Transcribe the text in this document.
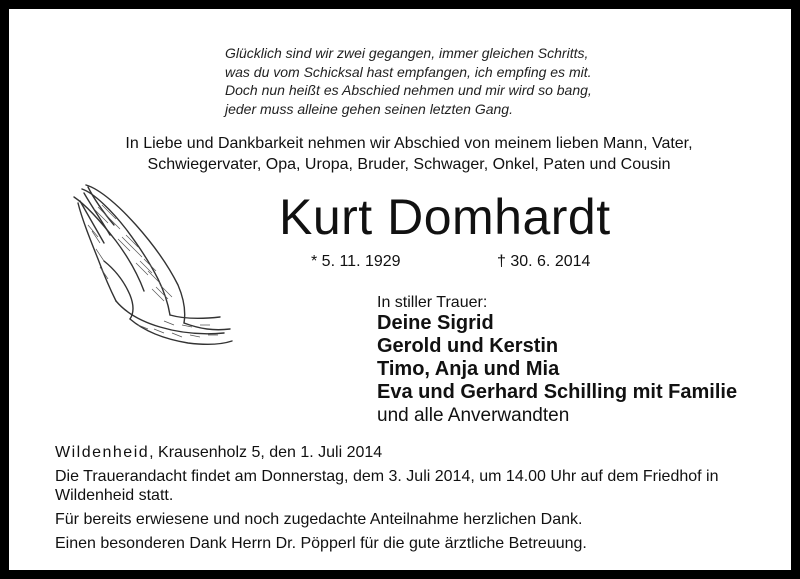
Glücklich sind wir zwei gegangen, immer gleichen Schritts,
was du vom Schicksal hast empfangen, ich empfing es mit.
Doch nun heißt es Abschied nehmen und mir wird so bang,
jeder muss alleine gehen seinen letzten Gang.
In Liebe und Dankbarkeit nehmen wir Abschied von meinem lieben Mann, Vater,
Schwiegervater, Opa, Uropa, Bruder, Schwager, Onkel, Paten und Cousin
Kurt Domhardt
* 5. 11. 1929	† 30. 6. 2014
In stiller Trauer:
Deine Sigrid
Gerold und Kerstin
Timo, Anja und Mia
Eva und Gerhard Schilling mit Familie
und alle Anverwandten

Wildenheid, Krausenholz 5, den 1. Juli 2014

Die Trauerandacht findet am Donnerstag, dem 3. Juli 2014, um 14.00 Uhr auf dem Friedhof in Wildenheid statt.

Für bereits erwiesene und noch zugedachte Anteilnahme herzlichen Dank.

Einen besonderen Dank Herrn Dr. Pöpperl für die gute ärztliche Betreuung.
